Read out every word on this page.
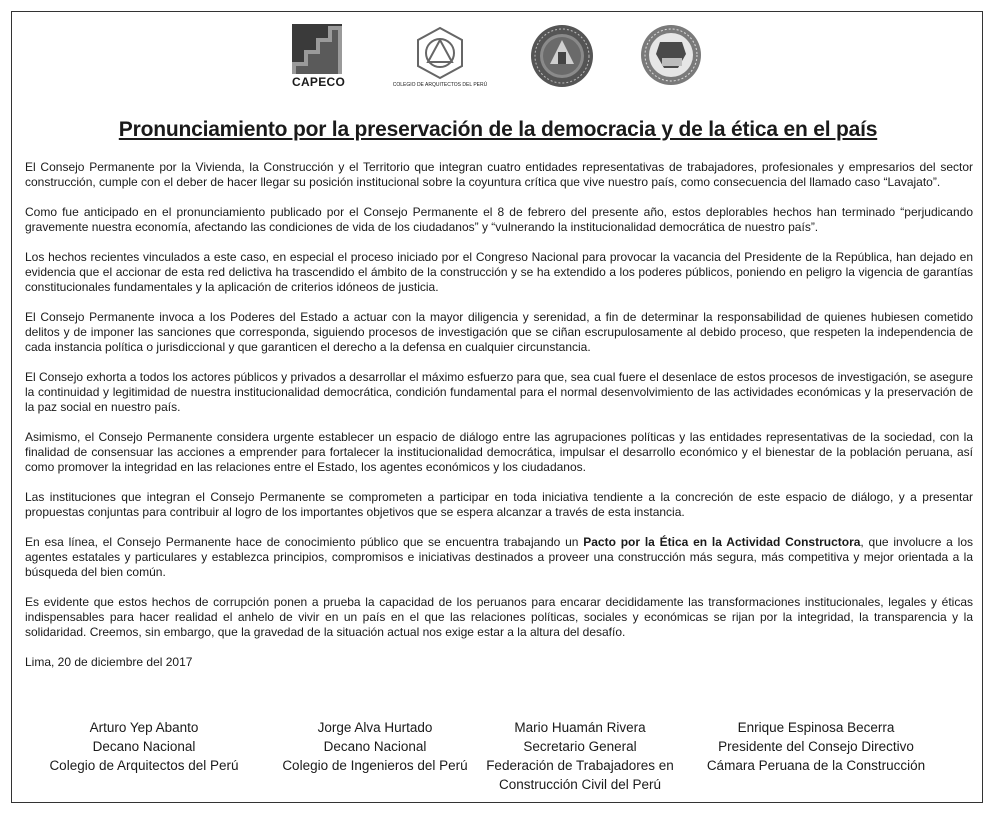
CAPECO	COLEGIO DE ARQUITECTOS DEL PERÚ
Pronunciamiento por la preservación de la democracia y de la ética en el país

El Consejo Permanente por la Vivienda, la Construcción y el Territorio que integran cuatro entidades representativas de trabajadores, profesionales y empresarios del sector construcción, cumple con el deber de hacer llegar su posición institucional sobre la coyuntura crítica que vive nuestro país, como consecuencia del llamado caso “Lavajato”.

Como fue anticipado en el pronunciamiento publicado por el Consejo Permanente el 8 de febrero del presente año, estos deplorables hechos han terminado “perjudicando gravemente nuestra economía, afectando las condiciones de vida de los ciudadanos” y “vulnerando la institucionalidad democrática de nuestro país”.

Los hechos recientes vinculados a este caso, en especial el proceso iniciado por el Congreso Nacional para provocar la vacancia del Presidente de la República, han dejado en evidencia que el accionar de esta red delictiva ha trascendido el ámbito de la construcción y se ha extendido a los poderes públicos, poniendo en peligro la vigencia de garantías constitucionales fundamentales y la aplicación de criterios idóneos de justicia.

El Consejo Permanente invoca a los Poderes del Estado a actuar con la mayor diligencia y serenidad, a fin de determinar la responsabilidad de quienes hubiesen cometido delitos y de imponer las sanciones que corresponda, siguiendo procesos de investigación que se ciñan escrupulosamente al debido proceso, que respeten la independencia de cada instancia política o jurisdiccional y que garanticen el derecho a la defensa en cualquier circunstancia.

El Consejo exhorta a todos los actores públicos y privados a desarrollar el máximo esfuerzo para que, sea cual fuere el desenlace de estos procesos de investigación, se asegure la continuidad y legitimidad de nuestra institucionalidad democrática, condición fundamental para el normal desenvolvimiento de las actividades económicas y la preservación de la paz social en nuestro país.

Asimismo, el Consejo Permanente considera urgente establecer un espacio de diálogo entre las agrupaciones políticas y las entidades representativas de la sociedad, con la finalidad de consensuar las acciones a emprender para fortalecer la institucionalidad democrática, impulsar el desarrollo económico y el bienestar de la población peruana, así como promover la integridad en las relaciones entre el Estado, los agentes económicos y los ciudadanos.

Las instituciones que integran el Consejo Permanente se comprometen a participar en toda iniciativa tendiente a la concreción de este espacio de diálogo, y a presentar propuestas conjuntas para contribuir al logro de los importantes objetivos que se espera alcanzar a través de esta instancia.

En esa línea, el Consejo Permanente hace de conocimiento público que se encuentra trabajando un Pacto por la Ética en la Actividad Constructora, que involucre a los agentes estatales y particulares y establezca principios, compromisos e iniciativas destinados a proveer una construcción más segura, más competitiva y mejor orientada a la búsqueda del bien común.

Es evidente que estos hechos de corrupción ponen a prueba la capacidad de los peruanos para encarar decididamente las transformaciones institucionales, legales y éticas indispensables para hacer realidad el anhelo de vivir en un país en el que las relaciones políticas, sociales y económicas se rijan por la integridad, la transparencia y la solidaridad. Creemos, sin embargo, que la gravedad de la situación actual nos exige estar a la altura del desafío.

Lima, 20 de diciembre del 2017

Arturo Yep Abanto
Decano Nacional
Colegio de Arquitectos del Perú
Jorge Alva Hurtado
Decano Nacional
Colegio de Ingenieros del Perú
Mario Huamán Rivera
Secretario General
Federación de Trabajadores en
Construcción Civil del Perú
Enrique Espinosa Becerra
Presidente del Consejo Directivo
Cámara Peruana de la Construcción
